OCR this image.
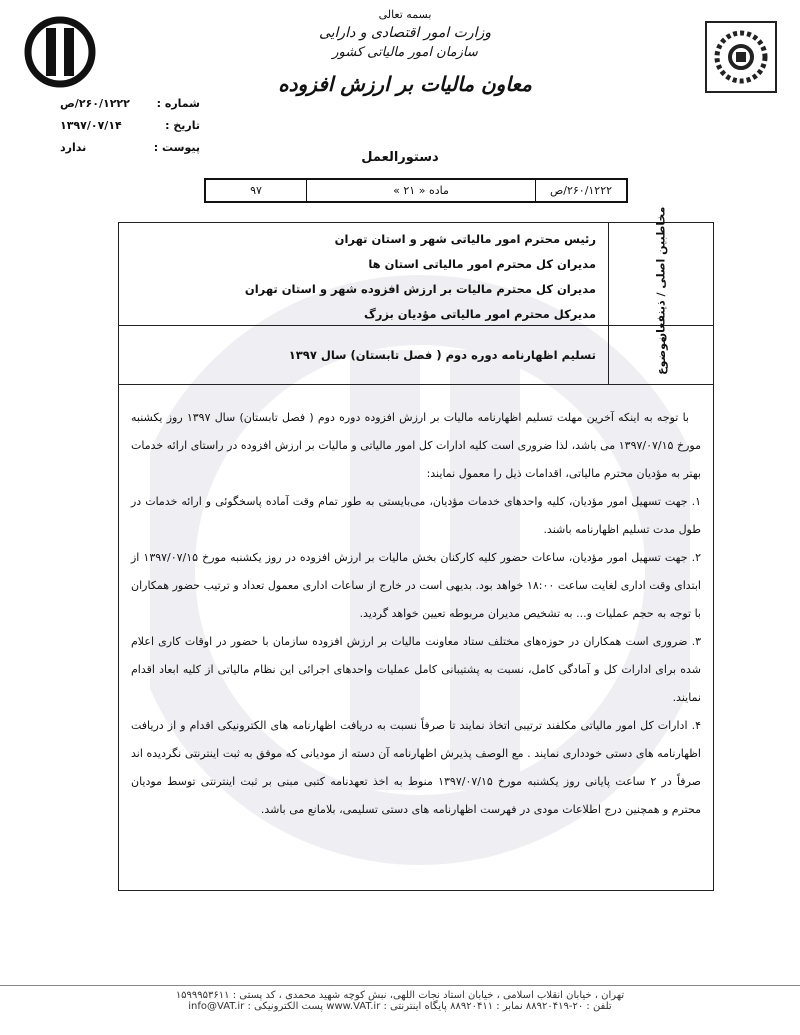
بسمه تعالی
وزارت امور اقتصادی و دارایی
سازمان امور مالیاتی کشور
معاون مالیات بر ارزش افزوده
شماره :
۲۶۰/۱۲۲۲/ص
تاریخ :
۱۳۹۷/۰۷/۱۴
پیوست :
ندارد
دستورالعمل
۲۶۰/۱۲۲۲/ص
ماده « ۲۱ »
۹۷
مخاطبین اصلی / ذینفعان
رئیس محترم امور مالیاتی شهر و استان تهران
مدیران کل محترم امور مالیاتی استان ها
مدیران کل محترم مالیات بر ارزش افزوده شهر و استان تهران
مدیرکل محترم امور مالیاتی مؤدیان بزرگ
موضوع
تسلیم اظهارنامه دوره دوم ( فصل تابستان) سال ۱۳۹۷

با توجه به اینکه آخرین مهلت تسلیم اظهارنامه مالیات بر ارزش افزوده دوره دوم ( فصل تابستان) سال ۱۳۹۷ روز یکشنبه مورخ ۱۳۹۷/۰۷/۱۵ می باشد، لذا ضروری است کلیه ادارات کل امور مالیاتی و مالیات بر ارزش افزوده در راستای ارائه خدمات بهتر به مؤدیان محترم مالیاتی، اقدامات ذیل را معمول نمایند:

۱. جهت تسهیل امور مؤدیان، کلیه واحدهای خدمات مؤدیان، می‌بایستی به طور تمام وقت آماده پاسخگوئی و ارائه خدمات در طول مدت تسلیم اظهارنامه باشند.

۲. جهت تسهیل امور مؤدیان، ساعات حضور کلیه کارکنان بخش مالیات بر ارزش افزوده در روز یکشنبه مورخ ۱۳۹۷/۰۷/۱۵ از ابتدای وقت اداری لغایت ساعت ۱۸:۰۰ خواهد بود. بدیهی است در خارج از ساعات اداری معمول تعداد و ترتیب حضور همکاران با توجه به حجم عملیات و... به تشخیص مدیران مربوطه تعیین خواهد گردید.

۳. ضروری است همکاران در حوزه‌های مختلف ستاد معاونت مالیات بر ارزش افزوده سازمان با حضور در اوقات کاری اعلام شده برای ادارات کل و آمادگی کامل، نسبت به پشتیبانی کامل عملیات واحدهای اجرائی این نظام مالیاتی از کلیه ابعاد اقدام نمایند.

۴. ادارات کل امور مالیاتی مکلفند ترتیبی اتخاذ نمایند تا صرفاً نسبت به دریافت اظهارنامه های الکترونیکی اقدام و از دریافت اظهارنامه های دستی خودداری نمایند . مع الوصف پذیرش اظهارنامه آن دسته از مودیانی که موفق به ثبت اینترنتی نگردیده اند صرفاً در ۲ ساعت پایانی روز یکشنبه مورخ ۱۳۹۷/۰۷/۱۵ منوط به اخذ تعهدنامه کتبی مبنی بر ثبت اینترنتی توسط مودیان محترم و همچنین درج اطلاعات مودی در فهرست اظهارنامه های دستی تسلیمی، بلامانع می باشد.

تهران ، خیابان انقلاب اسلامی ، خیابان استاد نجات اللهی، نبش کوچه شهید محمدی ، کد پستی : ۱۵۹۹۹۵۳۶۱۱
تلفن : ۲۰-۸۸۹۲۰۴۱۹ نمابر : ۸۸۹۲۰۴۱۱ پایگاه اینترنتی : www.VAT.ir پست الکترونیکی : info@VAT.ir
